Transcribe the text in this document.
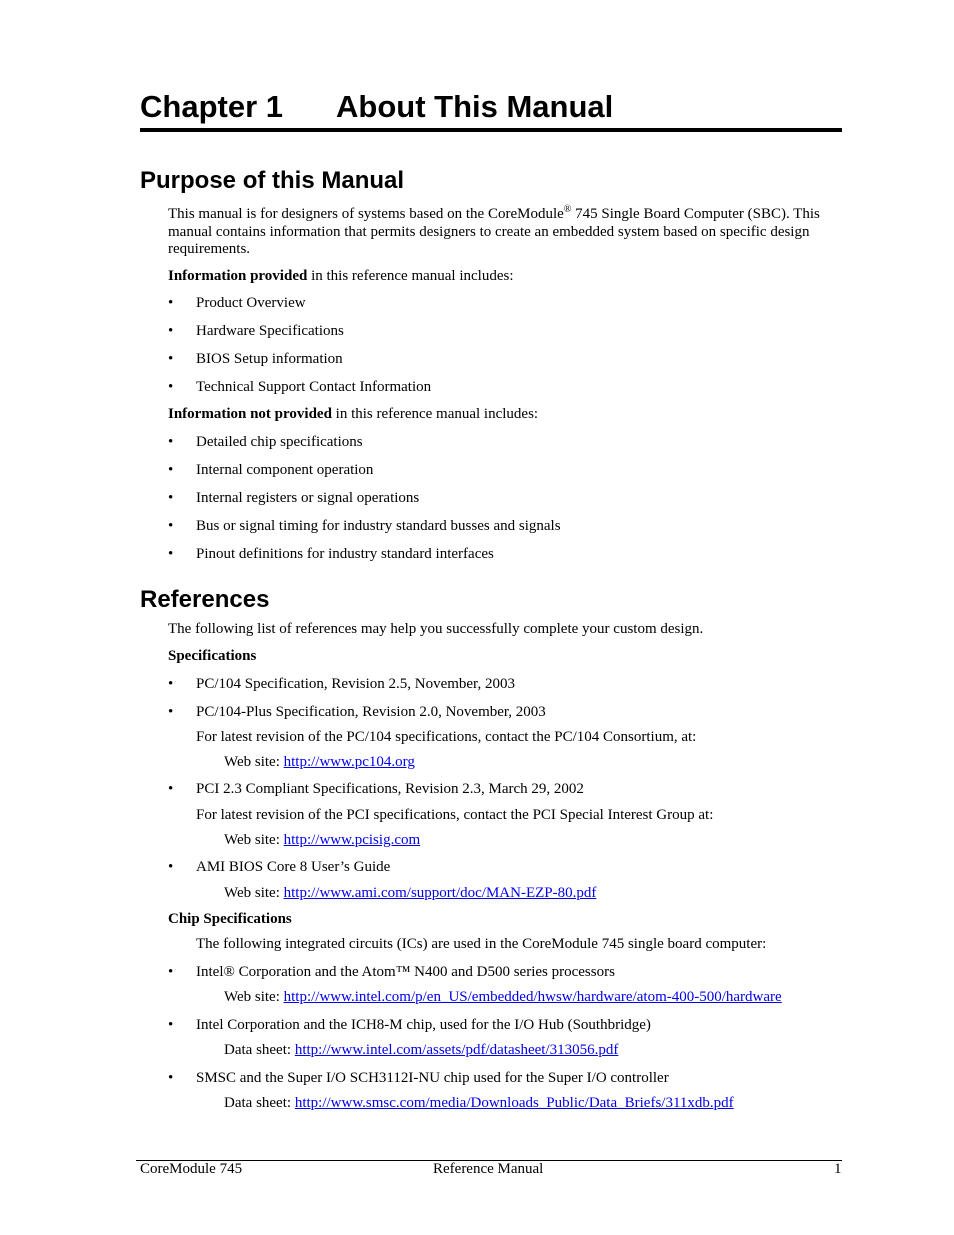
Chapter 1 About This Manual
Purpose of this Manual
This manual is for designers of systems based on the CoreModule® 745 Single Board Computer (SBC). This manual contains information that permits designers to create an embedded system based on specific design requirements.
Information provided in this reference manual includes:
• Product Overview
• Hardware Specifications
• BIOS Setup information
• Technical Support Contact Information
Information not provided in this reference manual includes:
• Detailed chip specifications
• Internal component operation
• Internal registers or signal operations
• Bus or signal timing for industry standard busses and signals
• Pinout definitions for industry standard interfaces
References
The following list of references may help you successfully complete your custom design.
Specifications
• PC/104 Specification, Revision 2.5, November, 2003
• PC/104-Plus Specification, Revision 2.0, November, 2003
For latest revision of the PC/104 specifications, contact the PC/104 Consortium, at:
Web site: http://www.pc104.org
• PCI 2.3 Compliant Specifications, Revision 2.3, March 29, 2002
For latest revision of the PCI specifications, contact the PCI Special Interest Group at:
Web site: http://www.pcisig.com
• AMI BIOS Core 8 User’s Guide
Web site: http://www.ami.com/support/doc/MAN-EZP-80.pdf
Chip Specifications
The following integrated circuits (ICs) are used in the CoreModule 745 single board computer:
• Intel® Corporation and the Atom™ N400 and D500 series processors
Web site: http://www.intel.com/p/en_US/embedded/hwsw/hardware/atom-400-500/hardware
• Intel Corporation and the ICH8-M chip, used for the I/O Hub (Southbridge)
Data sheet: http://www.intel.com/assets/pdf/datasheet/313056.pdf
• SMSC and the Super I/O SCH3112I-NU chip used for the Super I/O controller
Data sheet: http://www.smsc.com/media/Downloads_Public/Data_Briefs/311xdb.pdf
CoreModule 745	Reference Manual	1
